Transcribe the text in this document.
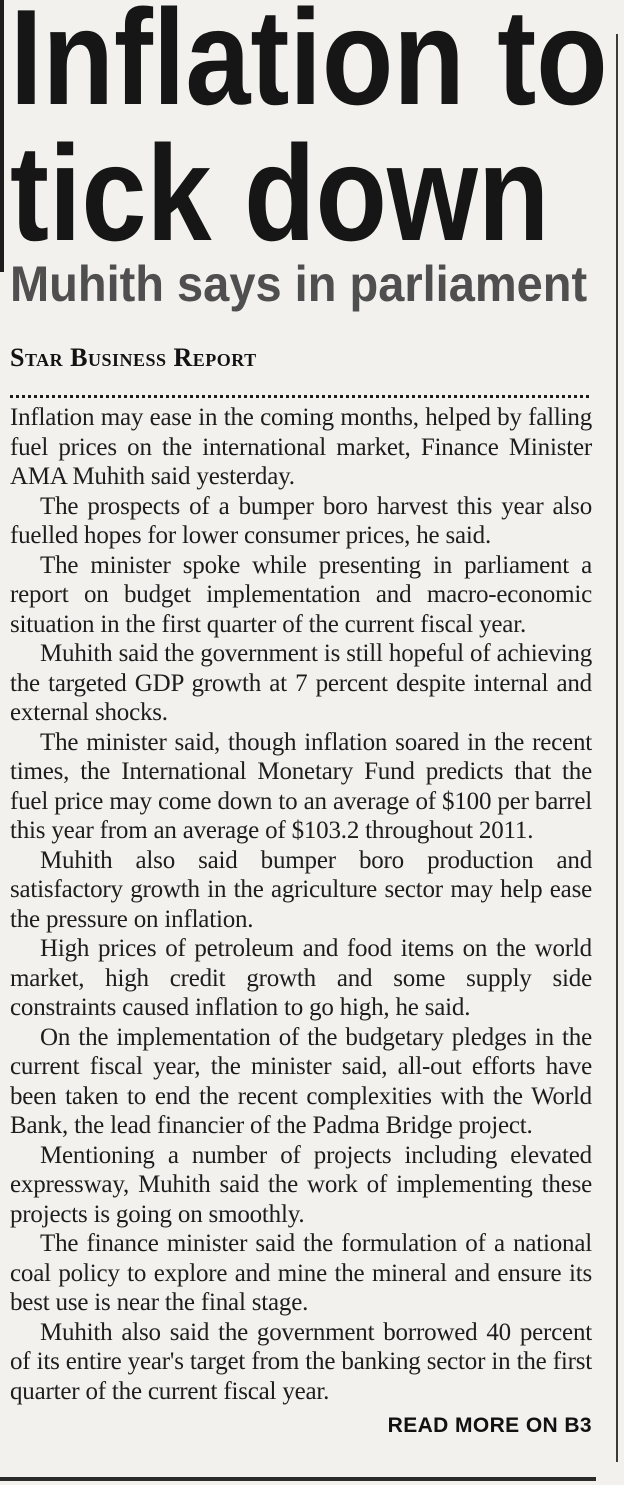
Inflation to
tick down
Muhith says in parliament
Star Business Report

Inflation may ease in the coming months, helped by falling fuel prices on the international market, Finance Minister AMA Muhith said yesterday.

The prospects of a bumper boro harvest this year also fuelled hopes for lower consumer prices, he said.

The minister spoke while presenting in parliament a report on budget implementation and macro-economic situation in the first quarter of the current fiscal year.

Muhith said the government is still hopeful of achieving the targeted GDP growth at 7 percent despite internal and external shocks.

The minister said, though inflation soared in the recent times, the International Monetary Fund predicts that the fuel price may come down to an average of $100 per barrel this year from an average of $103.2 throughout 2011.

Muhith also said bumper boro production and satisfactory growth in the agriculture sector may help ease the pressure on inflation.

High prices of petroleum and food items on the world market, high credit growth and some supply side constraints caused inflation to go high, he said.

On the implementation of the budgetary pledges in the current fiscal year, the minister said, all-out efforts have been taken to end the recent complexities with the World Bank, the lead financier of the Padma Bridge project.

Mentioning a number of projects including elevated expressway, Muhith said the work of implementing these projects is going on smoothly.

The finance minister said the formulation of a national coal policy to explore and mine the mineral and ensure its best use is near the final stage.

Muhith also said the government borrowed 40 percent of its entire year's target from the banking sector in the first quarter of the current fiscal year.

READ MORE ON B3
